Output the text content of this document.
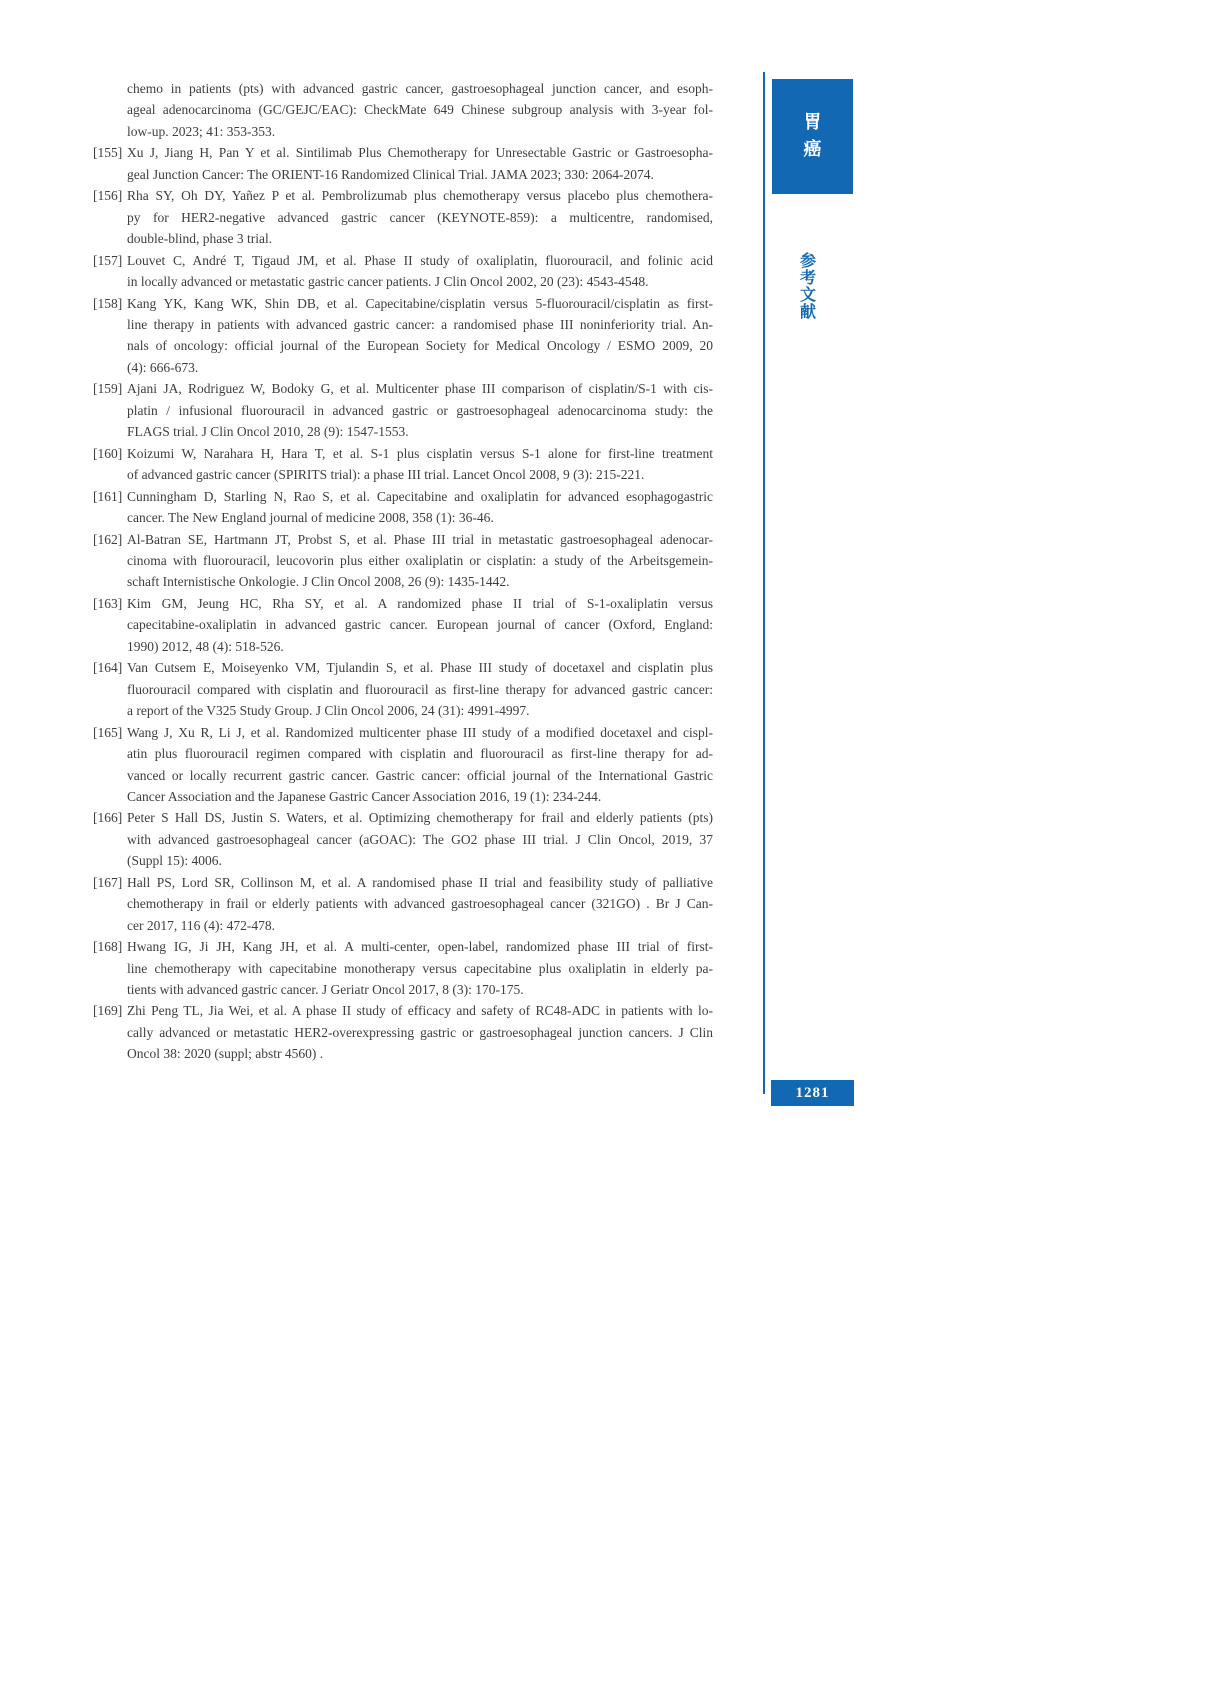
chemo in patients (pts) with advanced gastric cancer, gastroesophageal junction cancer, and esoph-
ageal adenocarcinoma (GC/GEJC/EAC): CheckMate 649 Chinese subgroup analysis with 3-year fol-
low-up. 2023; 41: 353-353.
[155] Xu J, Jiang H, Pan Y et al. Sintilimab Plus Chemotherapy for Unresectable Gastric or Gastroesopha-
geal Junction Cancer: The ORIENT-16 Randomized Clinical Trial. JAMA 2023; 330: 2064-2074.
[156] Rha SY, Oh DY, Yañez P et al. Pembrolizumab plus chemotherapy versus placebo plus chemothera-
py for HER2-negative advanced gastric cancer (KEYNOTE-859): a multicentre, randomised,
double-blind, phase 3 trial.
[157] Louvet C, André T, Tigaud JM, et al. Phase II study of oxaliplatin, fluorouracil, and folinic acid
in locally advanced or metastatic gastric cancer patients. J Clin Oncol 2002, 20 (23): 4543-4548.
[158] Kang YK, Kang WK, Shin DB, et al. Capecitabine/cisplatin versus 5-fluorouracil/cisplatin as first-
line therapy in patients with advanced gastric cancer: a randomised phase III noninferiority trial. An-
nals of oncology: official journal of the European Society for Medical Oncology / ESMO 2009, 20
(4): 666-673.
[159] Ajani JA, Rodriguez W, Bodoky G, et al. Multicenter phase III comparison of cisplatin/S-1 with cis-
platin / infusional fluorouracil in advanced gastric or gastroesophageal adenocarcinoma study: the
FLAGS trial. J Clin Oncol 2010, 28 (9): 1547-1553.
[160] Koizumi W, Narahara H, Hara T, et al. S-1 plus cisplatin versus S-1 alone for first-line treatment
of advanced gastric cancer (SPIRITS trial): a phase III trial. Lancet Oncol 2008, 9 (3): 215-221.
[161] Cunningham D, Starling N, Rao S, et al. Capecitabine and oxaliplatin for advanced esophagogastric
cancer. The New England journal of medicine 2008, 358 (1): 36-46.
[162] Al-Batran SE, Hartmann JT, Probst S, et al. Phase III trial in metastatic gastroesophageal adenocar-
cinoma with fluorouracil, leucovorin plus either oxaliplatin or cisplatin: a study of the Arbeitsgemein-
schaft Internistische Onkologie. J Clin Oncol 2008, 26 (9): 1435-1442.
[163] Kim GM, Jeung HC, Rha SY, et al. A randomized phase II trial of S-1-oxaliplatin versus
capecitabine-oxaliplatin in advanced gastric cancer. European journal of cancer (Oxford, England:
1990) 2012, 48 (4): 518-526.
[164] Van Cutsem E, Moiseyenko VM, Tjulandin S, et al. Phase III study of docetaxel and cisplatin plus
fluorouracil compared with cisplatin and fluorouracil as first-line therapy for advanced gastric cancer:
a report of the V325 Study Group. J Clin Oncol 2006, 24 (31): 4991-4997.
[165] Wang J, Xu R, Li J, et al. Randomized multicenter phase III study of a modified docetaxel and cispl-
atin plus fluorouracil regimen compared with cisplatin and fluorouracil as first-line therapy for ad-
vanced or locally recurrent gastric cancer. Gastric cancer: official journal of the International Gastric
Cancer Association and the Japanese Gastric Cancer Association 2016, 19 (1): 234-244.
[166] Peter S Hall DS, Justin S. Waters, et al. Optimizing chemotherapy for frail and elderly patients (pts)
with advanced gastroesophageal cancer (aGOAC): The GO2 phase III trial. J Clin Oncol, 2019, 37
(Suppl 15): 4006.
[167] Hall PS, Lord SR, Collinson M, et al. A randomised phase II trial and feasibility study of palliative
chemotherapy in frail or elderly patients with advanced gastroesophageal cancer (321GO) . Br J Can-
cer 2017, 116 (4): 472-478.
[168] Hwang IG, Ji JH, Kang JH, et al. A multi-center, open-label, randomized phase III trial of first-
line chemotherapy with capecitabine monotherapy versus capecitabine plus oxaliplatin in elderly pa-
tients with advanced gastric cancer. J Geriatr Oncol 2017, 8 (3): 170-175.
[169] Zhi Peng TL, Jia Wei, et al. A phase II study of efficacy and safety of RC48-ADC in patients with lo-
cally advanced or metastatic HER2-overexpressing gastric or gastroesophageal junction cancers. J Clin
Oncol 38: 2020 (suppl; abstr 4560) .
胃
癌
参
考
文
献
1281
